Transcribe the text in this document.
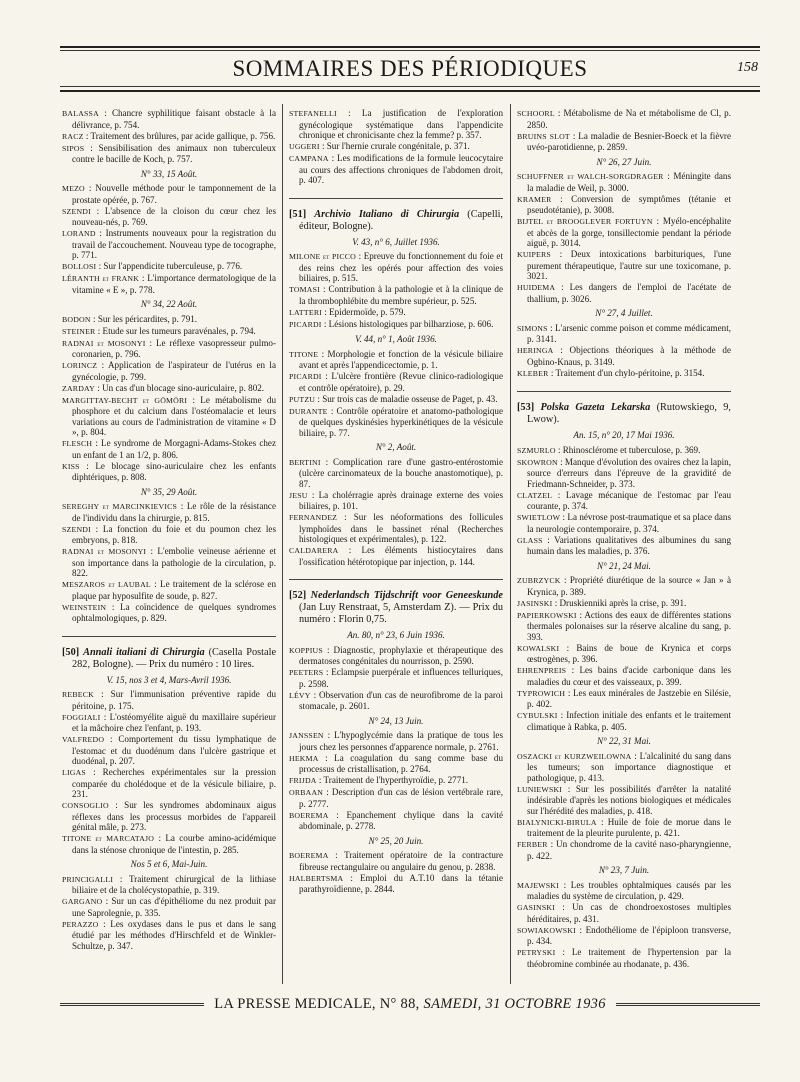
SOMMAIRES DES PÉRIODIQUES	158
BALASSA : Chancre syphilitique faisant obstacle à la délivrance, p. 754.
RACZ : Traitement des brûlures, par acide gallique, p. 756.
SIPOS : Sensibilisation des animaux non tuberculeux contre le bacille de Koch, p. 757.
N° 33, 15 Août.
MEZO : Nouvelle méthode pour le tamponnement de la prostate opérée, p. 767.
SZENDI : L'absence de la cloison du cœur chez les nouveau-nés, p. 769.
LORAND : Instruments nouveaux pour la registration du travail de l'accouchement. Nouveau type de tocographe, p. 771.
BOLLOSI : Sur l'appendicite tuberculeuse, p. 776.
LÉRANTH et FRANK : L'importance dermatologique de la vitamine « E », p. 778.
N° 34, 22 Août.
BODON : Sur les péricardites, p. 791.
STEINER : Etude sur les tumeurs paravénales, p. 794.
RADNAI et MOSONYI : Le réflexe vasopresseur pulmo-coronarien, p. 796.
LORINCZ : Application de l'aspirateur de l'utérus en la gynécologie, p. 799.
ZARDAY : Un cas d'un blocage sino-auriculaire, p. 802.
MARGITTAY-BECHT et GÖMÖRI : Le métabolisme du phosphore et du calcium dans l'ostéomalacie et leurs variations au cours de l'administration de vitamine « D », p. 804.
FLESCH : Le syndrome de Morgagni-Adams-Stokes chez un enfant de 1 an 1/2, p. 806.
KISS : Le blocage sino-auriculaire chez les enfants diphtériques, p. 808.
N° 35, 29 Août.
SEREGHY et MARCINKIEVICS : Le rôle de la résistance de l'individu dans la chirurgie, p. 815.
SZENDI : La fonction du foie et du poumon chez les embryons, p. 818.
RADNAI et MOSONYI : L'embolie veineuse aérienne et son importance dans la pathologie de la circulation, p. 822.
MESZAROS et LAUBAL : Le traitement de la sclérose en plaque par hyposulfite de soude, p. 827.
WEINSTEIN : La coïncidence de quelques syndromes ophtalmologiques, p. 829.
[50] Annali italiani di Chirurgia (Casella Postale 282, Bologne). — Prix du numéro : 10 lires.
V. 15, nos 3 et 4, Mars-Avril 1936.
REBECK : Sur l'immunisation préventive rapide du péritoine, p. 175.
FOGGIALI : L'ostéomyélite aiguë du maxillaire supérieur et la mâchoire chez l'enfant, p. 193.
VALFREDO : Comportement du tissu lymphatique de l'estomac et du duodénum dans l'ulcère gastrique et duodénal, p. 207.
LIGAS : Recherches expérimentales sur la pression comparée du cholédoque et de la vésicule biliaire, p. 231.
CONSOGLIO : Sur les syndromes abdominaux aigus réflexes dans les processus morbides de l'appareil génital mâle, p. 273.
TITONE et MARCATAJO : La courbe amino-acidémique dans la sténose chronique de l'intestin, p. 285.
Nos 5 et 6, Mai-Juin.
PRINCIGALLI : Traitement chirurgical de la lithiase biliaire et de la cholécystopathie, p. 319.
GARGANO : Sur un cas d'épithéliome du nez produit par une Saprolegnie, p. 335.
PERAZZO : Les oxydases dans le pus et dans le sang étudié par les méthodes d'Hirschfeld et de Winkler-Schultze, p. 347.
STEFANELLI : La justification de l'exploration gynécologique systématique dans l'appendicite chronique et chronicisante chez la femme? p. 357.
UGGERI : Sur l'hernie crurale congénitale, p. 371.
CAMPANA : Les modifications de la formule leucocytaire au cours des affections chroniques de l'abdomen droit, p. 407.
[51] Archivio Italiano di Chirurgia (Capelli, éditeur, Bologne).
V. 43, n° 6, Juillet 1936.
MILONE et PICCO : Epreuve du fonctionnement du foie et des reins chez les opérés pour affection des voies biliaires, p. 515.
TOMASI : Contribution à la pathologie et à la clinique de la thrombophlébite du membre supérieur, p. 525.
LATTERI : Epidermoïde, p. 579.
PICARDI : Lésions histologiques par bilharziose, p. 606.
V. 44, n° 1, Août 1936.
TITONE : Morphologie et fonction de la vésicule biliaire avant et après l'appendicectomie, p. 1.
PICARDI : L'ulcère frontière (Revue clinico-radiologique et contrôle opératoire), p. 29.
PUTZU : Sur trois cas de maladie osseuse de Paget, p. 43.
DURANTE : Contrôle opératoire et anatomo-pathologique de quelques dyskinésies hyperkinétiques de la vésicule biliaire, p. 77.
N° 2, Août.
BERTINI : Complication rare d'une gastro-entérostomie (ulcère carcinomateux de la bouche anastomotique), p. 87.
JESU : La cholérragie après drainage externe des voies biliaires, p. 101.
FERNANDEZ : Sur les néoformations des follicules lymphoïdes dans le bassinet rénal (Recherches histologiques et expérimentales), p. 122.
CALDARERA : Les éléments histiocytaires dans l'ossification hétérotopique par injection, p. 144.
[52] Nederlandsch Tijdschrift voor Geneeskunde (Jan Luy Renstraat, 5, Amsterdam Z). — Prix du numéro : Florin 0,75.
An. 80, n° 23, 6 Juin 1936.
KOPPIUS : Diagnostic, prophylaxie et thérapeutique des dermatoses congénitales du nourrisson, p. 2590.
PEETERS : Eclampsie puerpérale et influences telluriques, p. 2598.
LÉVY : Observation d'un cas de neurofibrome de la paroi stomacale, p. 2601.
N° 24, 13 Juin.
JANSSEN : L'hypoglycémie dans la pratique de tous les jours chez les personnes d'apparence normale, p. 2761.
HEKMA : La coagulation du sang comme base du processus de cristallisation, p. 2764.
FRIJDA : Traitement de l'hyperthyroïdie, p. 2771.
ORBAAN : Description d'un cas de lésion vertébrale rare, p. 2777.
BOEREMA : Epanchement chylique dans la cavité abdominale, p. 2778.
N° 25, 20 Juin.
BOEREMA : Traitement opératoire de la contracture fibreuse rectangulaire ou angulaire du genou, p. 2838.
HALBERTSMA : Emploi du A.T.10 dans la tétanie parathyroïdienne, p. 2844.
SCHOORL : Métabolisme de Na et métabolisme de Cl, p. 2850.
BRUINS SLOT : La maladie de Besnier-Boeck et la fièvre uvéo-parotidienne, p. 2859.
N° 26, 27 Juin.
SCHUFFNER et WALCH-SORGDRAGER : Méningite dans la maladie de Weil, p. 3000.
KRAMER : Conversion de symptômes (tétanie et pseudotétanie), p. 3008.
BIJTEL et BROOGLEVER FORTUYN : Myélo-encéphalite et abcès de la gorge, tonsillectomie pendant la période aiguë, p. 3014.
KUIPERS : Deux intoxications barbituriques, l'une purement thérapeutique, l'autre sur une toxicomane, p. 3021.
HUIDEMA : Les dangers de l'emploi de l'acétate de thallium, p. 3026.
N° 27, 4 Juillet.
SIMONS : L'arsenic comme poison et comme médicament, p. 3141.
HERINGA : Objections théoriques à la méthode de Ogbino-Knaus, p. 3149.
KLEBER : Traitement d'un chylo-péritoine, p. 3154.
[53] Polska Gazeta Lekarska (Rutowskiego, 9, Lwow).
An. 15, n° 20, 17 Mai 1936.
SZMURLO : Rhinosclérome et tuberculose, p. 369.
SKOWRON : Manque d'évolution des ovaires chez la lapin, source d'erreurs dans l'épreuve de la gravidité de Friedmann-Schneider, p. 373.
CLATZEL : Lavage mécanique de l'estomac par l'eau courante, p. 374.
SWIETLOW : La névrose post-traumatique et sa place dans la neurologie contemporaire, p. 374.
GLASS : Variations qualitatives des albumines du sang humain dans les maladies, p. 376.
N° 21, 24 Mai.
ZUBRZYCK : Propriété diurétique de la source « Jan » à Krynica, p. 389.
JASINSKI : Druskienniki après la crise, p. 391.
PAPIERKOWSKI : Actions des eaux de différentes stations thermales polonaises sur la réserve alcaline du sang, p. 393.
KOWALSKI : Bains de boue de Krynica et corps œstrogènes, p. 396.
EHRENPREIS : Les bains d'acide carbonique dans les maladies du cœur et des vaisseaux, p. 399.
TYPROWICH : Les eaux minérales de Jastzebie en Silésie, p. 402.
CYBULSKI : Infection initiale des enfants et le traitement climatique à Rabka, p. 405.
N° 22, 31 Mai.
OSZACKI et KURZWEILOWNA : L'alcalinité du sang dans les tumeurs; son importance diagnostique et pathologique, p. 413.
LUNIEWSKI : Sur les possibilités d'arrêter la natalité indésirable d'après les notions biologiques et médicales sur l'hérédité des maladies, p. 418.
BIALYNICKI-BIRULA : Huile de foie de morue dans le traitement de la pleurite purulente, p. 421.
FERBER : Un chondrome de la cavité naso-pharyngienne, p. 422.
N° 23, 7 Juin.
MAJEWSKI : Les troubles ophtalmiques causés par les maladies du système de circulation, p. 429.
GASINSKI : Un cas de chondroexostoses multiples héréditaires, p. 431.
SOWIAKOWSKI : Endothéliome de l'épiploon transverse, p. 434.
PETRYSKI : Le traitement de l'hypertension par la théobromine combinée au rhodanate, p. 436.
LA PRESSE MEDICALE, N° 88, SAMEDI, 31 OCTOBRE 1936
